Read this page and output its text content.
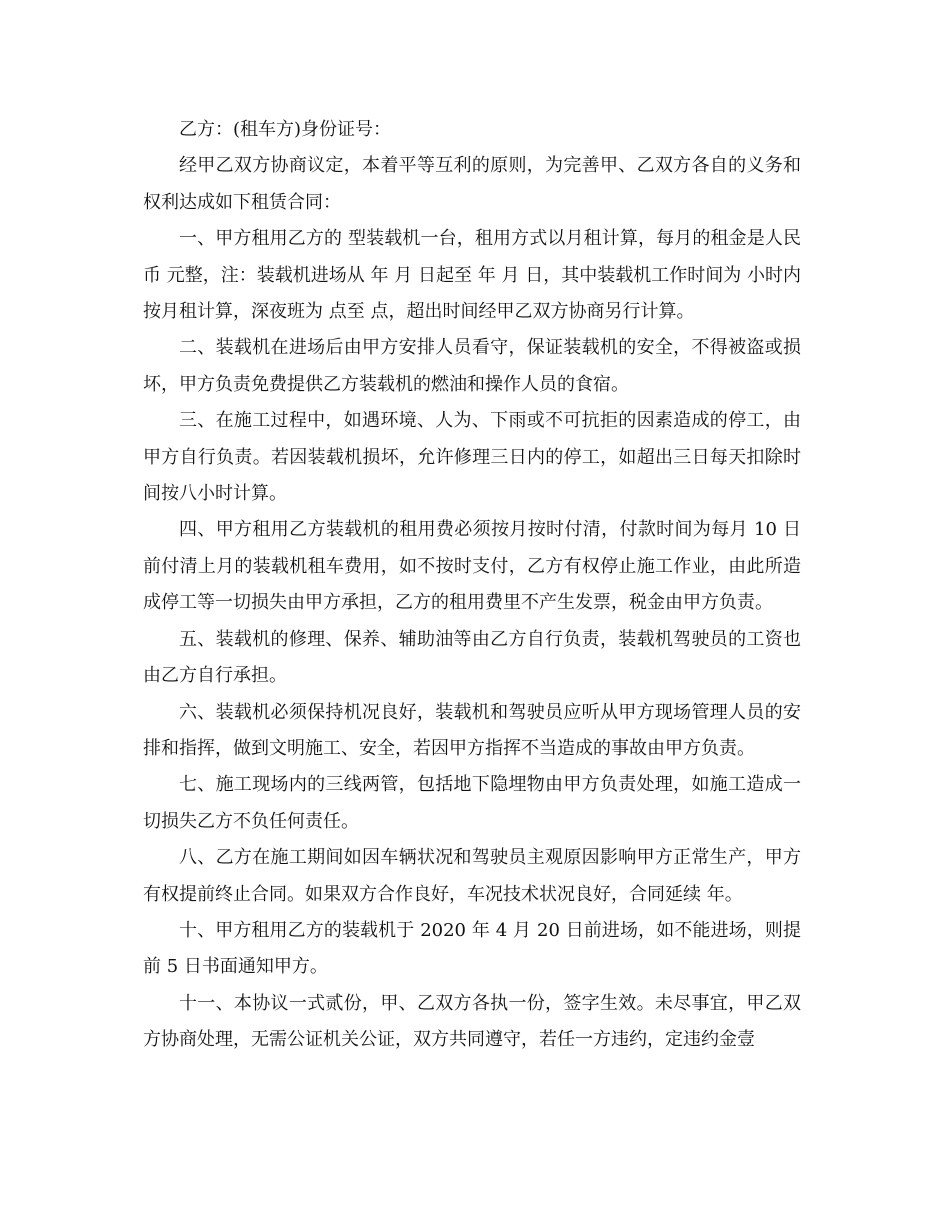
乙方：(租车方)身份证号：

经甲乙双方协商议定，本着平等互利的原则，为完善甲、乙双方各自的义务和权利达成如下租赁合同：

一、甲方租用乙方的 型装载机一台，租用方式以月租计算，每月的租金是人民币 元整，注：装载机进场从 年 月 日起至 年 月 日，其中装载机工作时间为 小时内按月租计算，深夜班为 点至 点，超出时间经甲乙双方协商另行计算。

二、装载机在进场后由甲方安排人员看守，保证装载机的安全，不得被盗或损坏，甲方负责免费提供乙方装载机的燃油和操作人员的食宿。

三、在施工过程中，如遇环境、人为、下雨或不可抗拒的因素造成的停工，由甲方自行负责。若因装载机损坏，允许修理三日内的停工，如超出三日每天扣除时间按八小时计算。

四、甲方租用乙方装载机的租用费必须按月按时付清，付款时间为每月 10 日前付清上月的装载机租车费用，如不按时支付，乙方有权停止施工作业，由此所造成停工等一切损失由甲方承担，乙方的租用费里不产生发票，税金由甲方负责。

五、装载机的修理、保养、辅助油等由乙方自行负责，装载机驾驶员的工资也由乙方自行承担。

六、装载机必须保持机况良好，装载机和驾驶员应听从甲方现场管理人员的安排和指挥，做到文明施工、安全，若因甲方指挥不当造成的事故由甲方负责。

七、施工现场内的三线两管，包括地下隐埋物由甲方负责处理，如施工造成一切损失乙方不负任何责任。

八、乙方在施工期间如因车辆状况和驾驶员主观原因影响甲方正常生产，甲方有权提前终止合同。如果双方合作良好，车况技术状况良好，合同延续 年。

十、甲方租用乙方的装载机于 2020 年 4 月 20 日前进场，如不能进场，则提前 5 日书面通知甲方。

十一、本协议一式贰份，甲、乙双方各执一份，签字生效。未尽事宜，甲乙双方协商处理，无需公证机关公证，双方共同遵守，若任一方违约，定违约金壹
